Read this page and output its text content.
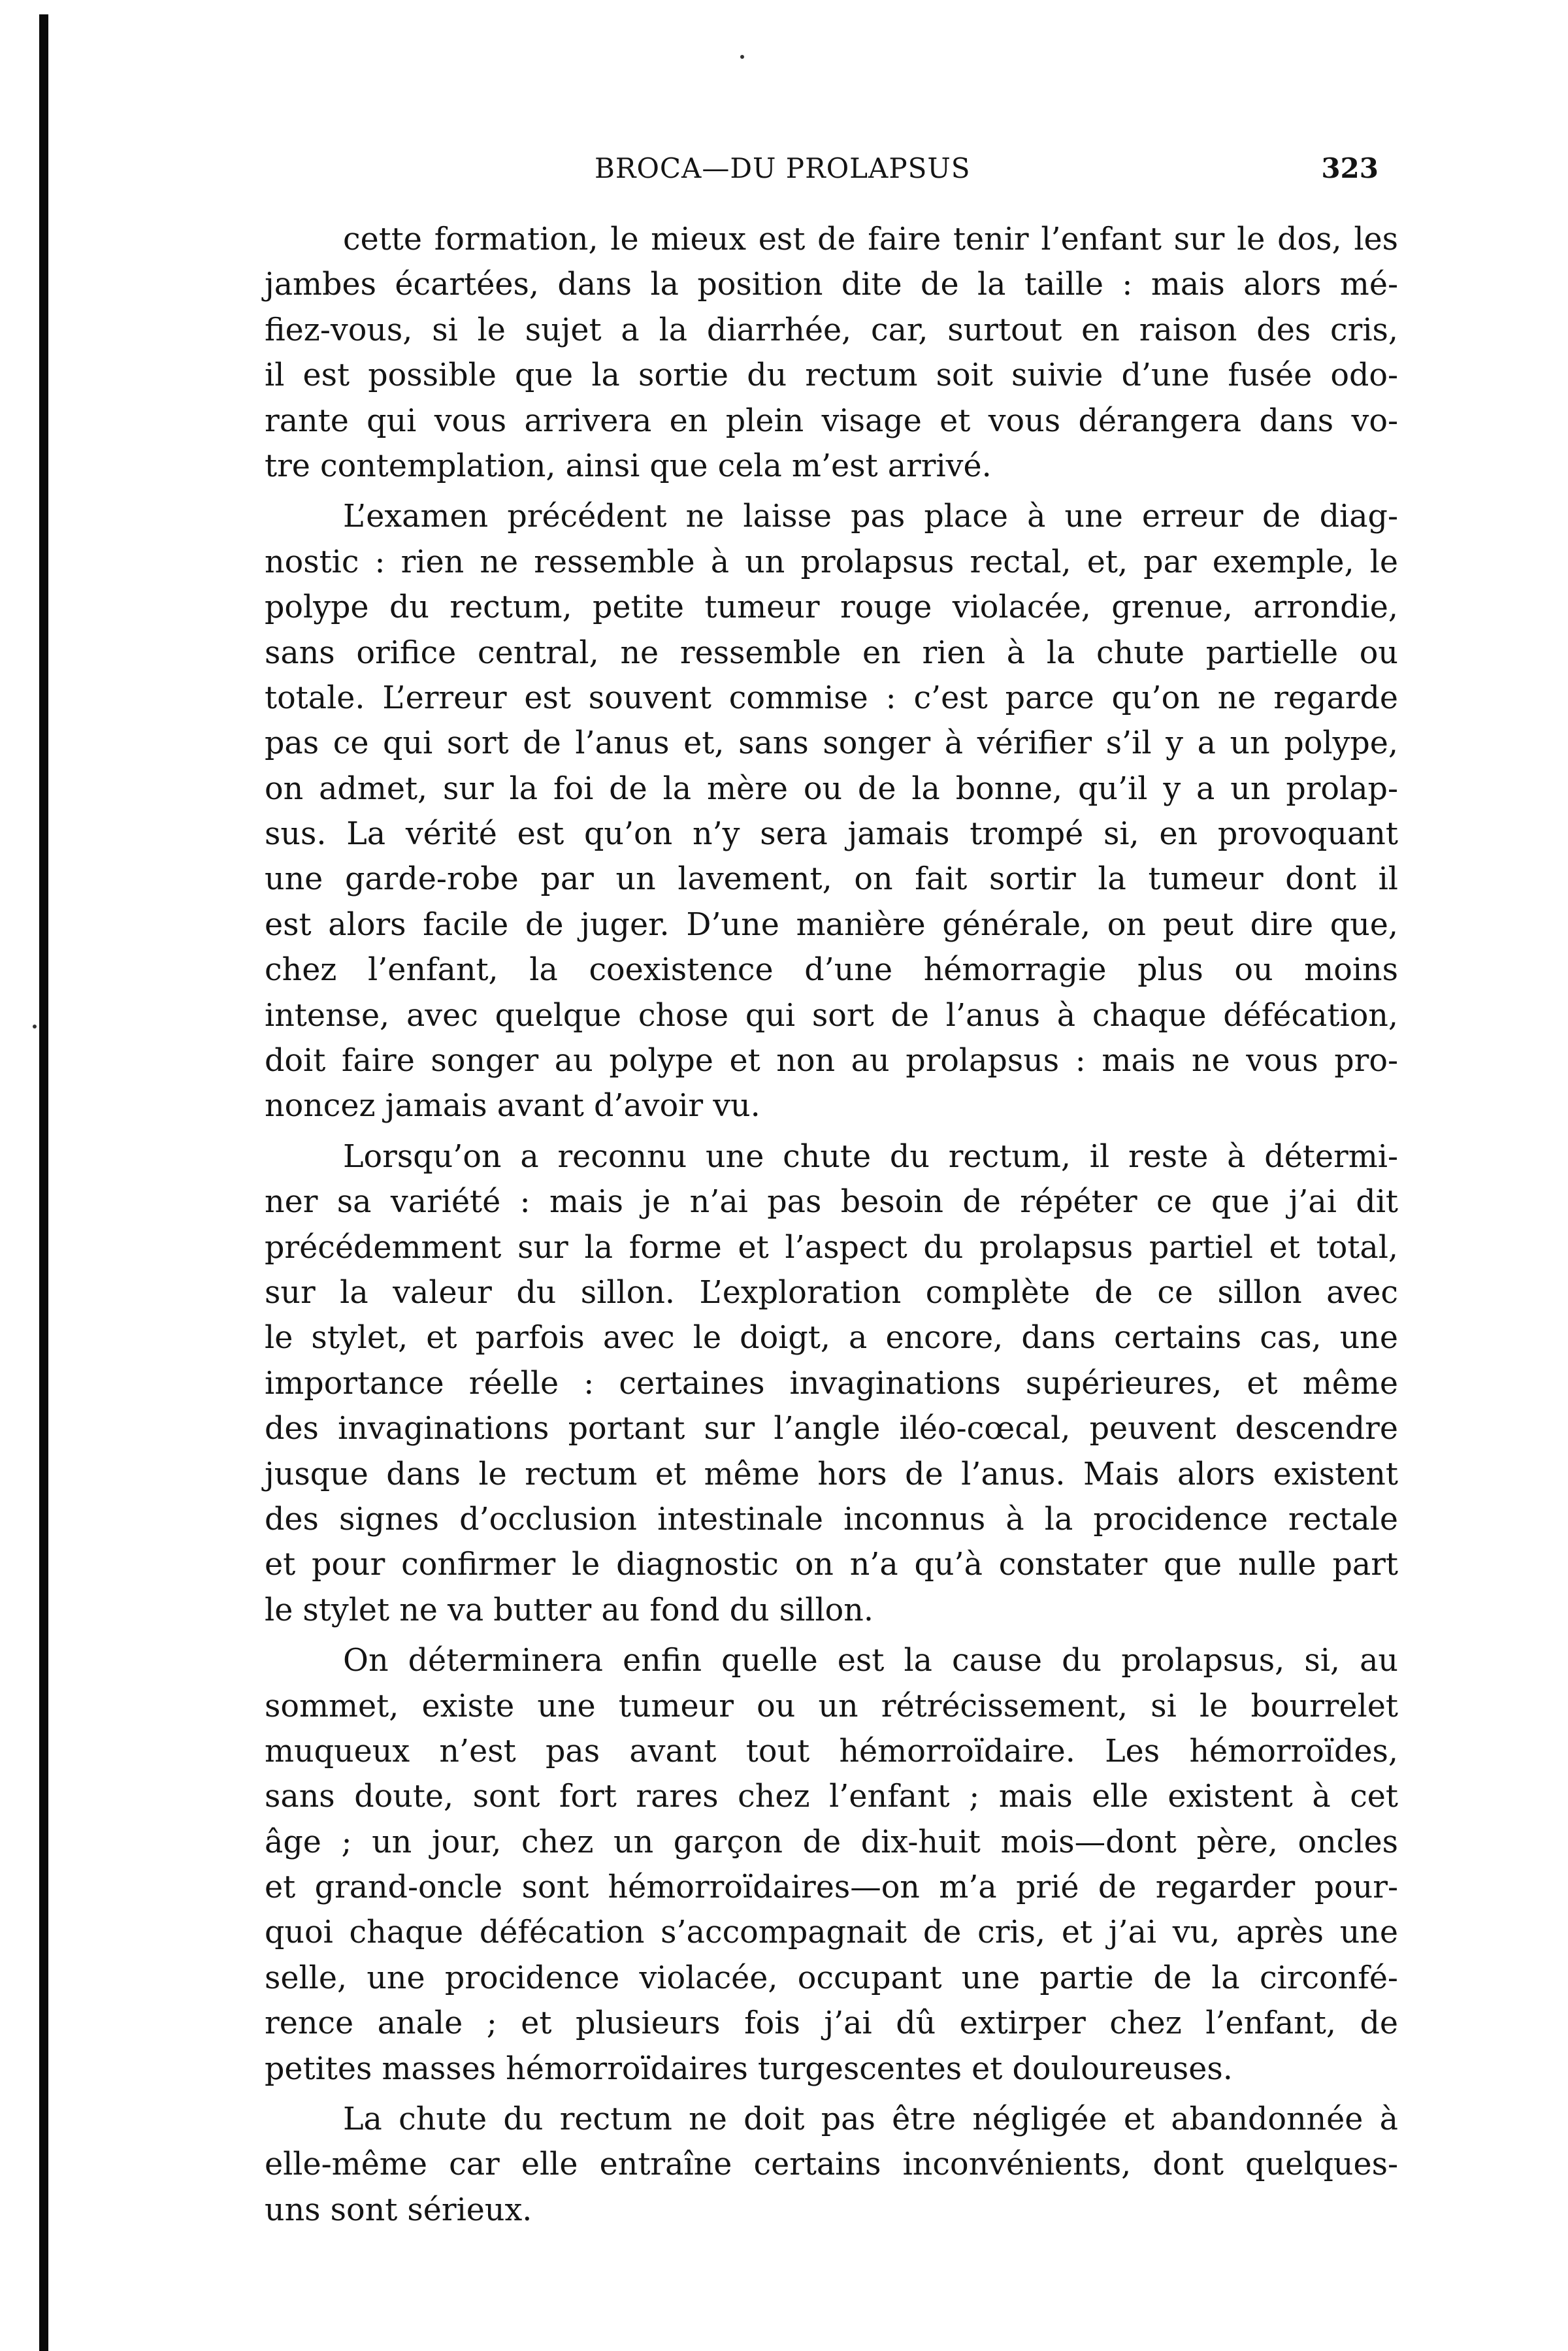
BROCA—DU PROLAPSUS	323
cette formation, le mieux est de faire tenir l’enfant sur le dos, les
jambes écartées, dans la position dite de la taille : mais alors mé-
fiez-vous, si le sujet a la diarrhée, car, surtout en raison des cris,
il est possible que la sortie du rectum soit suivie d’une fusée odo-
rante qui vous arrivera en plein visage et vous dérangera dans vo-
tre contemplation, ainsi que cela m’est arrivé.
L’examen précédent ne laisse pas place à une erreur de diag-
nostic : rien ne ressemble à un prolapsus rectal, et, par exemple, le
polype du rectum, petite tumeur rouge violacée, grenue, arrondie,
sans orifice central, ne ressemble en rien à la chute partielle ou
totale. L’erreur est souvent commise : c’est parce qu’on ne regarde
pas ce qui sort de l’anus et, sans songer à vérifier s’il y a un polype,
on admet, sur la foi de la mère ou de la bonne, qu’il y a un prolap-
sus. La vérité est qu’on n’y sera jamais trompé si, en provoquant
une garde-robe par un lavement, on fait sortir la tumeur dont il
est alors facile de juger. D’une manière générale, on peut dire que,
chez l’enfant, la coexistence d’une hémorragie plus ou moins
intense, avec quelque chose qui sort de l’anus à chaque défécation,
doit faire songer au polype et non au prolapsus : mais ne vous pro-
noncez jamais avant d’avoir vu.
Lorsqu’on a reconnu une chute du rectum, il reste à détermi-
ner sa variété : mais je n’ai pas besoin de répéter ce que j’ai dit
précédemment sur la forme et l’aspect du prolapsus partiel et total,
sur la valeur du sillon. L’exploration complète de ce sillon avec
le stylet, et parfois avec le doigt, a encore, dans certains cas, une
importance réelle : certaines invaginations supérieures, et même
des invaginations portant sur l’angle iléo-cœcal, peuvent descendre
jusque dans le rectum et même hors de l’anus. Mais alors existent
des signes d’occlusion intestinale inconnus à la procidence rectale
et pour confirmer le diagnostic on n’a qu’à constater que nulle part
le stylet ne va butter au fond du sillon.
On déterminera enfin quelle est la cause du prolapsus, si, au
sommet, existe une tumeur ou un rétrécissement, si le bourrelet
muqueux n’est pas avant tout hémorroïdaire. Les hémorroïdes,
sans doute, sont fort rares chez l’enfant ; mais elle existent à cet
âge ; un jour, chez un garçon de dix-huit mois—dont père, oncles
et grand-oncle sont hémorroïdaires—on m’a prié de regarder pour-
quoi chaque défécation s’accompagnait de cris, et j’ai vu, après une
selle, une procidence violacée, occupant une partie de la circonfé-
rence anale ; et plusieurs fois j’ai dû extirper chez l’enfant, de
petites masses hémorroïdaires turgescentes et douloureuses.
La chute du rectum ne doit pas être négligée et abandonnée à
elle-même car elle entraîne certains inconvénients, dont quelques-
uns sont sérieux.
